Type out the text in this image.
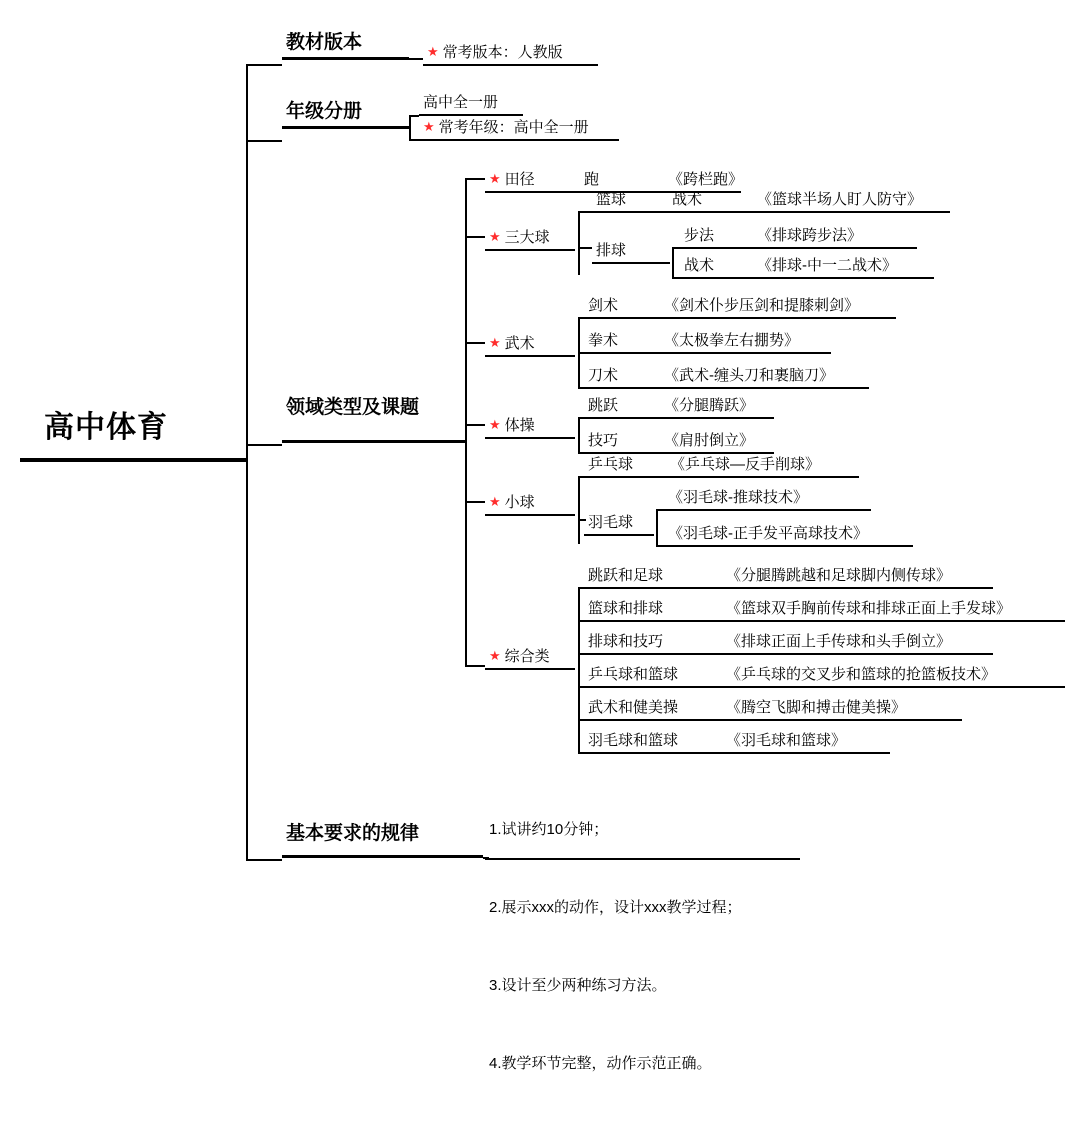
高中体育
教材版本	★ 常考版本：人教版
年级分册	高中全一册
★ 常考年级：高中全一册
领域类型及课题
★ 田径	跑	《跨栏跑》
★ 三大球
篮球	战术	《篮球半场人盯人防守》
排球
步法	《排球跨步法》
战术	《排球-中一二战术》
★ 武术
剑术	《剑术仆步压剑和提膝刺剑》
拳术	《太极拳左右掤势》
刀术	《武术-缠头刀和裹脑刀》
★ 体操
跳跃	《分腿腾跃》
技巧	《肩肘倒立》
★ 小球
乒乓球 《乒乓球—反手削球》
羽毛球
《羽毛球-推球技术》
《羽毛球-正手发平高球技术》
★ 综合类
跳跃和足球	《分腿腾跳越和足球脚内侧传球》
篮球和排球	《篮球双手胸前传球和排球正面上手发球》
排球和技巧	《排球正面上手传球和头手倒立》
乒乓球和篮球	《乒乓球的交叉步和篮球的抢篮板技术》
武术和健美操	《腾空飞脚和搏击健美操》
羽毛球和篮球	《羽毛球和篮球》
基本要求的规律

	1.试讲约10分钟；

2.展示xxx的动作，设计xxx教学过程；

3.设计至少两种练习方法。

4.教学环节完整，动作示范正确。
